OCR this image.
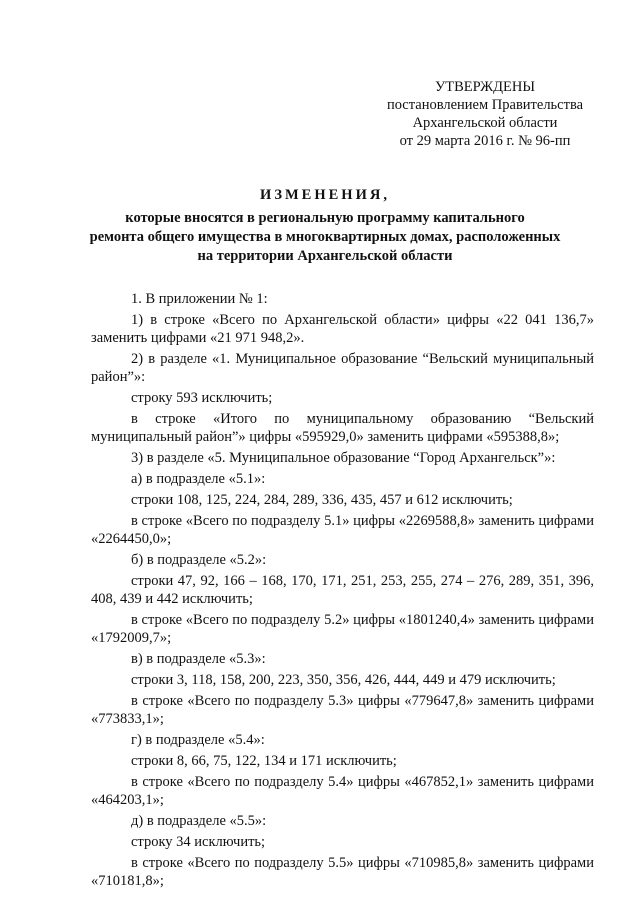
УТВЕРЖДЕНЫ
постановлением Правительства
Архангельской области
от 29 марта 2016 г. № 96-пп
ИЗМЕНЕНИЯ,
которые вносятся в региональную программу капитального
ремонта общего имущества в многоквартирных домах, расположенных
на территории Архангельской области

1. В приложении № 1:

1) в строке «Всего по Архангельской области» цифры «22 041 136,7» заменить цифрами «21 971 948,2».

2) в разделе «1. Муниципальное образование “Вельский муниципальный район”»:

строку 593 исключить;

в строке «Итого по муниципальному образованию “Вельский муниципальный район”» цифры «595929,0» заменить цифрами «595388,8»;

3) в разделе «5. Муниципальное образование “Город Архангельск”»:

а) в подразделе «5.1»:

строки 108, 125, 224, 284, 289, 336, 435, 457 и 612 исключить;

в строке «Всего по подразделу 5.1» цифры «2269588,8» заменить цифрами «2264450,0»;

б) в подразделе «5.2»:

строки 47, 92, 166 – 168, 170, 171, 251, 253, 255, 274 – 276, 289, 351, 396, 408, 439 и 442 исключить;

в строке «Всего по подразделу 5.2» цифры «1801240,4» заменить цифрами «1792009,7»;

в) в подразделе «5.3»:

строки 3, 118, 158, 200, 223, 350, 356, 426, 444, 449 и 479 исключить;

в строке «Всего по подразделу 5.3» цифры «779647,8» заменить цифрами «773833,1»;

г) в подразделе «5.4»:

строки 8, 66, 75, 122, 134 и 171 исключить;

в строке «Всего по подразделу 5.4» цифры «467852,1» заменить цифрами «464203,1»;

д) в подразделе «5.5»:

строку 34 исключить;

в строке «Всего по подразделу 5.5» цифры «710985,8» заменить цифрами «710181,8»;
